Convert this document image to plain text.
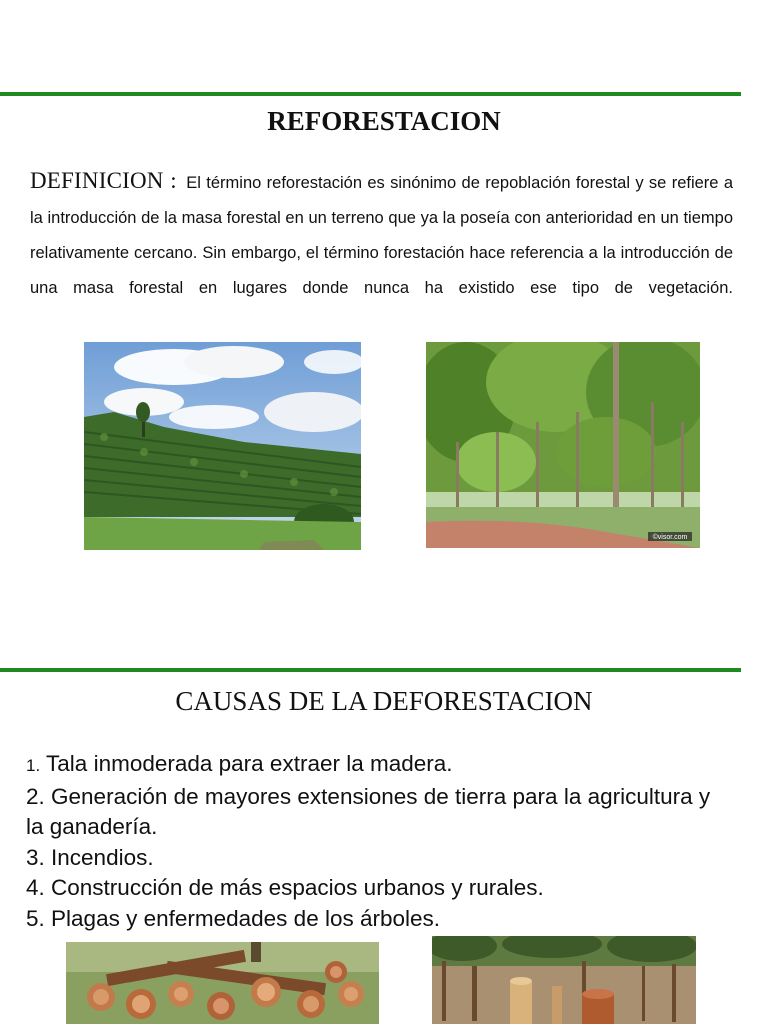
REFORESTACION
DEFINICION : El término reforestación es sinónimo de repoblación forestal y se refiere a la introducción de la masa forestal en un terreno que ya la poseía con anterioridad en un tiempo relativamente cercano. Sin embargo, el término forestación hace referencia a la introducción de una masa forestal en lugares donde nunca ha existido ese tipo de vegetación.
©visor.com
CAUSAS DE LA DEFORESTACION
1. Tala inmoderada para extraer la madera.
2. Generación de mayores extensiones de tierra para la agricultura y la ganadería.
3. Incendios.
4. Construcción de más espacios urbanos y rurales.
5. Plagas y enfermedades de los árboles.
